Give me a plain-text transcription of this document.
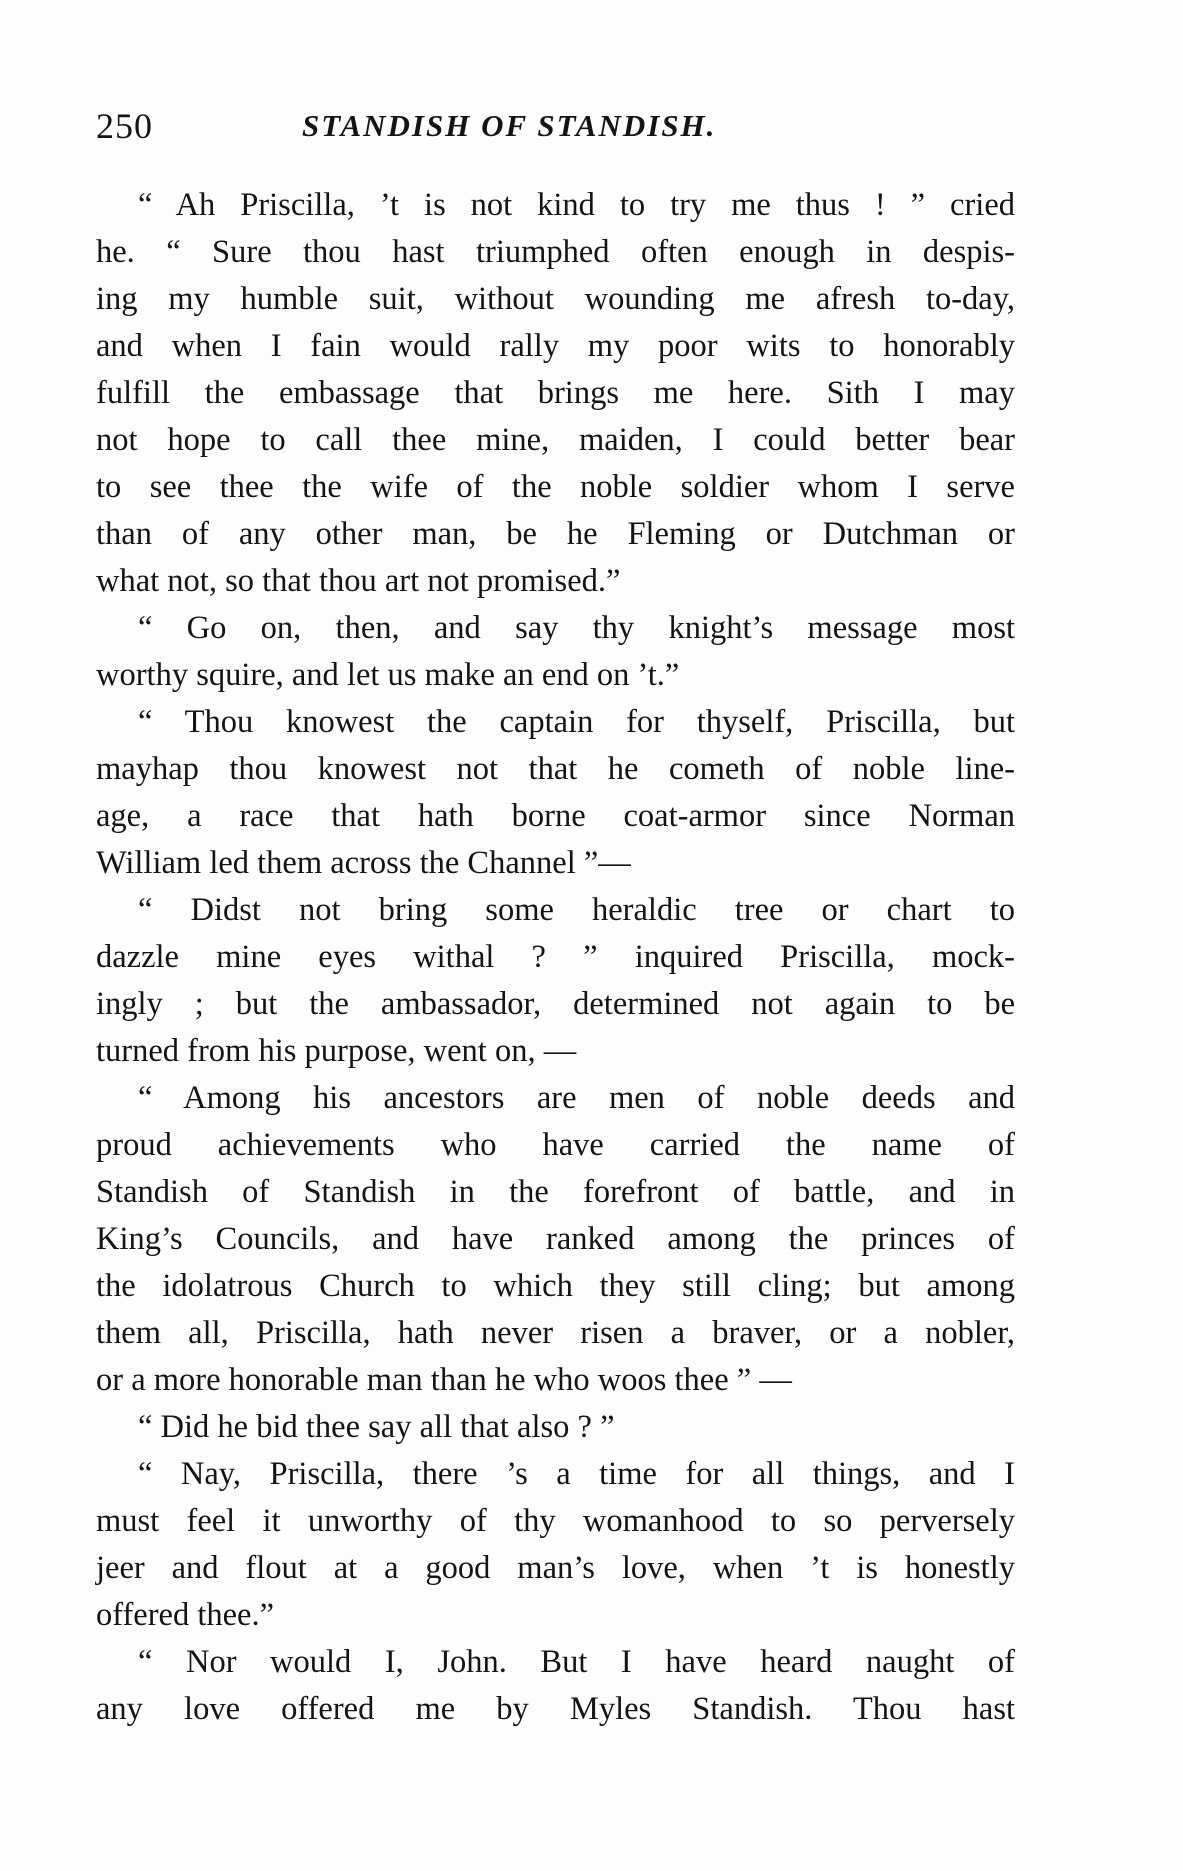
250	STANDISH OF STANDISH.
“ Ah Priscilla, ’t is not kind to try me thus ! ” cried
he. “ Sure thou hast triumphed often enough in despis-
ing my humble suit, without wounding me afresh to-day,
and when I fain would rally my poor wits to honorably
fulfill the embassage that brings me here. Sith I may
not hope to call thee mine, maiden, I could better bear
to see thee the wife of the noble soldier whom I serve
than of any other man, be he Fleming or Dutchman or
what not, so that thou art not promised.”
“ Go on, then, and say thy knight’s message most
worthy squire, and let us make an end on ’t.”
“ Thou knowest the captain for thyself, Priscilla, but
mayhap thou knowest not that he cometh of noble line-
age, a race that hath borne coat-armor since Norman
William led them across the Channel ”—
“ Didst not bring some heraldic tree or chart to
dazzle mine eyes withal ? ” inquired Priscilla, mock-
ingly ; but the ambassador, determined not again to be
turned from his purpose, went on, —
“ Among his ancestors are men of noble deeds and
proud achievements who have carried the name of
Standish of Standish in the forefront of battle, and in
King’s Councils, and have ranked among the princes of
the idolatrous Church to which they still cling; but among
them all, Priscilla, hath never risen a braver, or a nobler,
or a more honorable man than he who woos thee ” —
“ Did he bid thee say all that also ? ”
“ Nay, Priscilla, there ’s a time for all things, and I
must feel it unworthy of thy womanhood to so perversely
jeer and flout at a good man’s love, when ’t is honestly
offered thee.”
“ Nor would I, John. But I have heard naught of
any love offered me by Myles Standish. Thou hast
